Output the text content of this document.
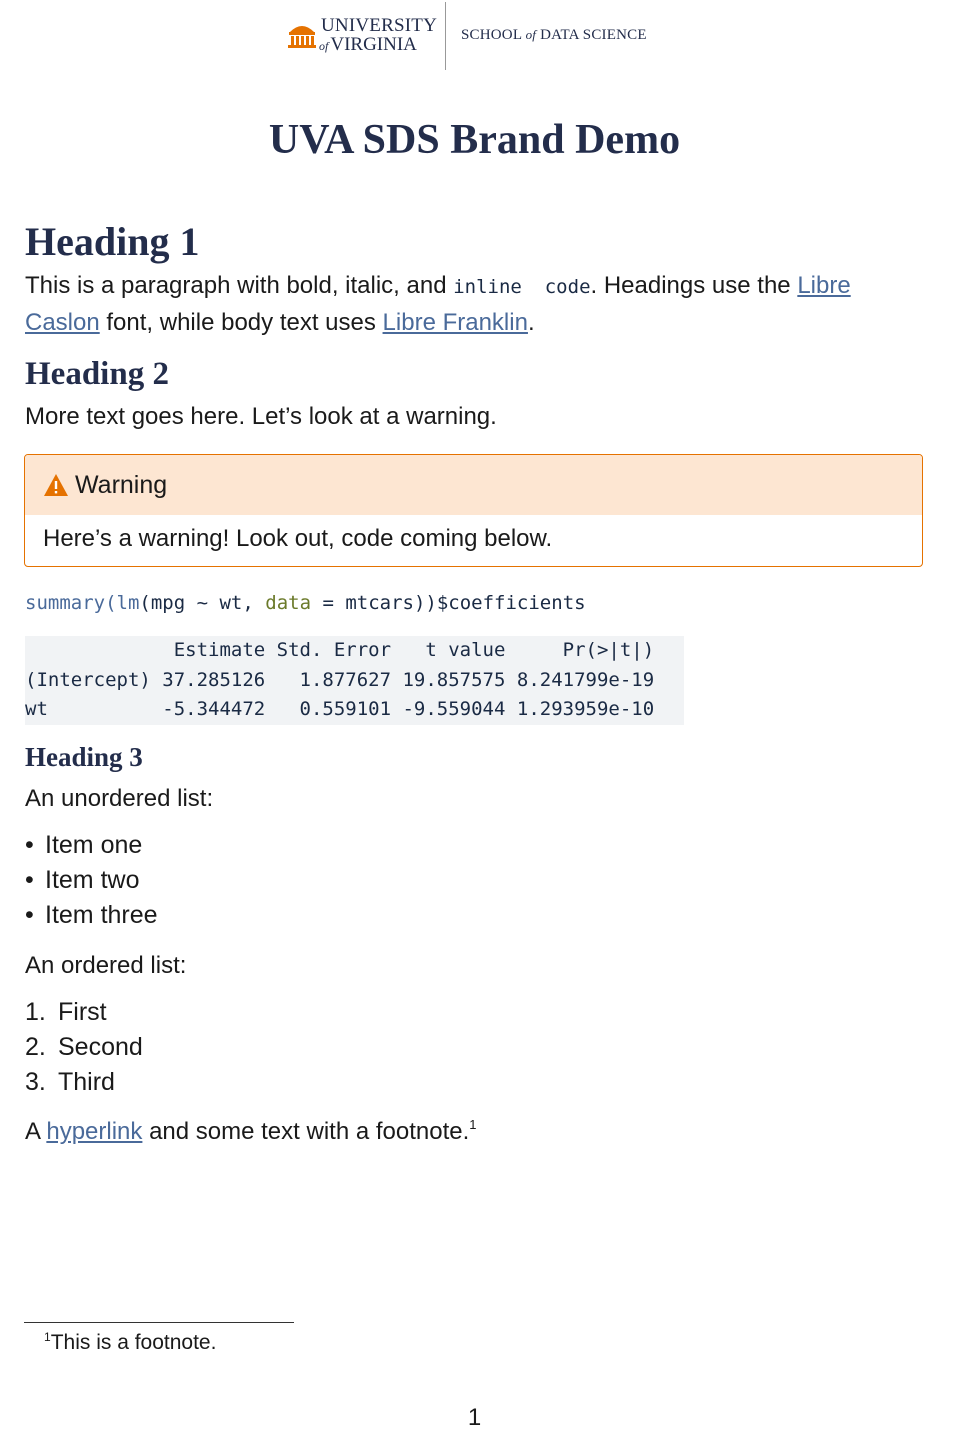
UNIVERSITY
of VIRGINIA	SCHOOL of DATA SCIENCE
UVA SDS Brand Demo
Heading 1

This is a paragraph with bold, italic, and inline  code. Headings use the Libre Caslon font, while body text uses Libre Franklin.

Heading 2

More text goes here. Let’s look at a warning.

Warning
Here’s a warning! Look out, code coming below.
summary(lm(mpg ~ wt, data = mtcars))$coefficients
Estimate Std. Error   t value     Pr(>|t|)
(Intercept) 37.285126   1.877627 19.857575 8.241799e-19
wt          -5.344472   0.559101 -9.559044 1.293959e-10
Heading 3

An unordered list:

• Item one
• Item two
• Item three

An ordered list:

1. First
2. Second
3. Third

A hyperlink and some text with a footnote.$^1$

$^1$This is a footnote.
1
